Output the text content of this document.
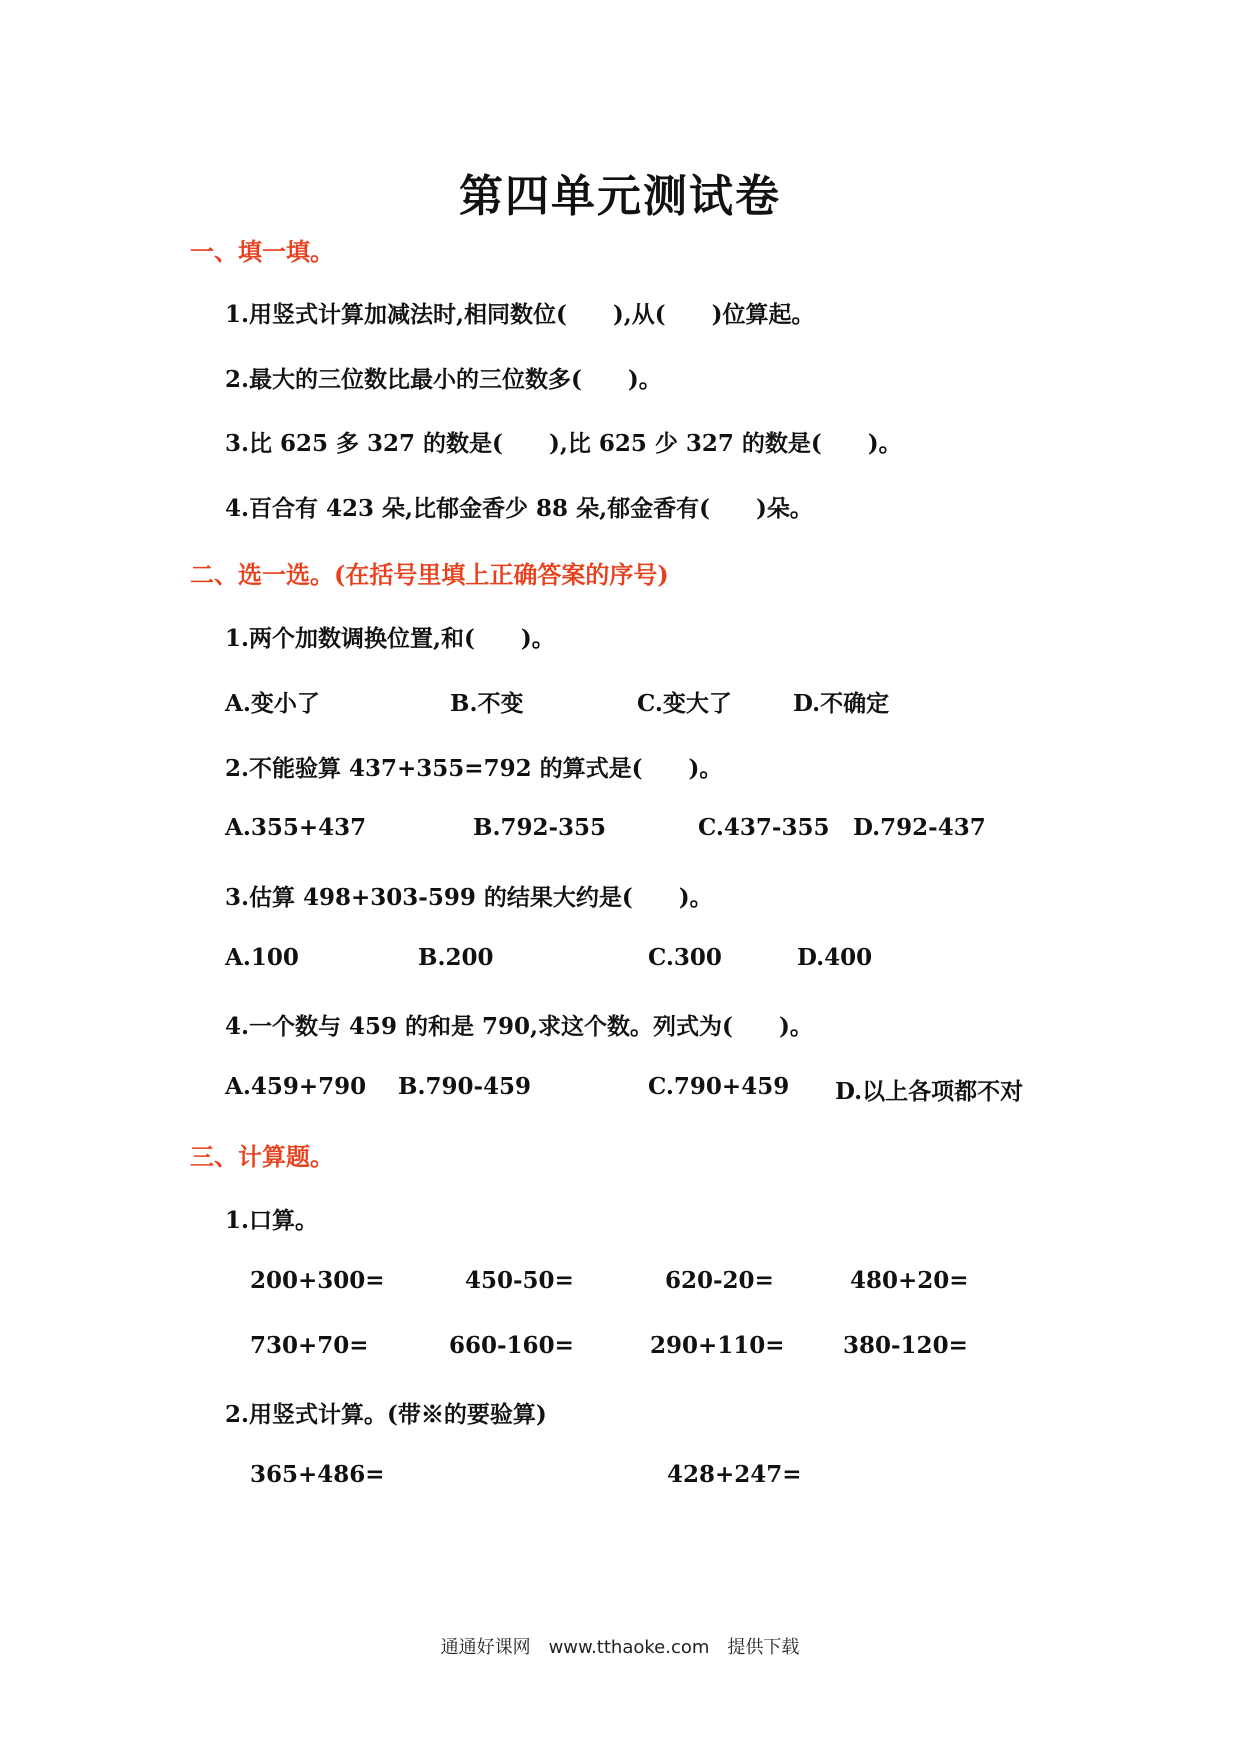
第四单元测试卷
一、填一填。
1.用竖式计算加减法时,相同数位(　　),从(　　)位算起。
2.最大的三位数比最小的三位数多(　　)。
3.比 625 多 327 的数是(　　),比 625 少 327 的数是(　　)。
4.百合有 423 朵,比郁金香少 88 朵,郁金香有(　　)朵。
二、选一选。(在括号里填上正确答案的序号)
1.两个加数调换位置,和(　　)。
A.变小了	B.不变	C.变大了	D.不确定
2.不能验算 437+355=792 的算式是(　　)。
A.355+437	B.792-355	C.437-355 D.792-437
3.估算 498+303-599 的结果大约是(　　)。
A.100	B.200	C.300	D.400
4.一个数与 459 的和是 790,求这个数。列式为(　　)。
A.459+790 B.790-459	C.790+459 D.以上各项都不对
三、计算题。
1.口算。
200+300=	450-50=	620-20=	480+20=
730+70=	660-160=	290+110=	380-120=
2.用竖式计算。(带※的要验算)
365+486=	428+247=
通通好课网　www.tthaoke.com　提供下载
